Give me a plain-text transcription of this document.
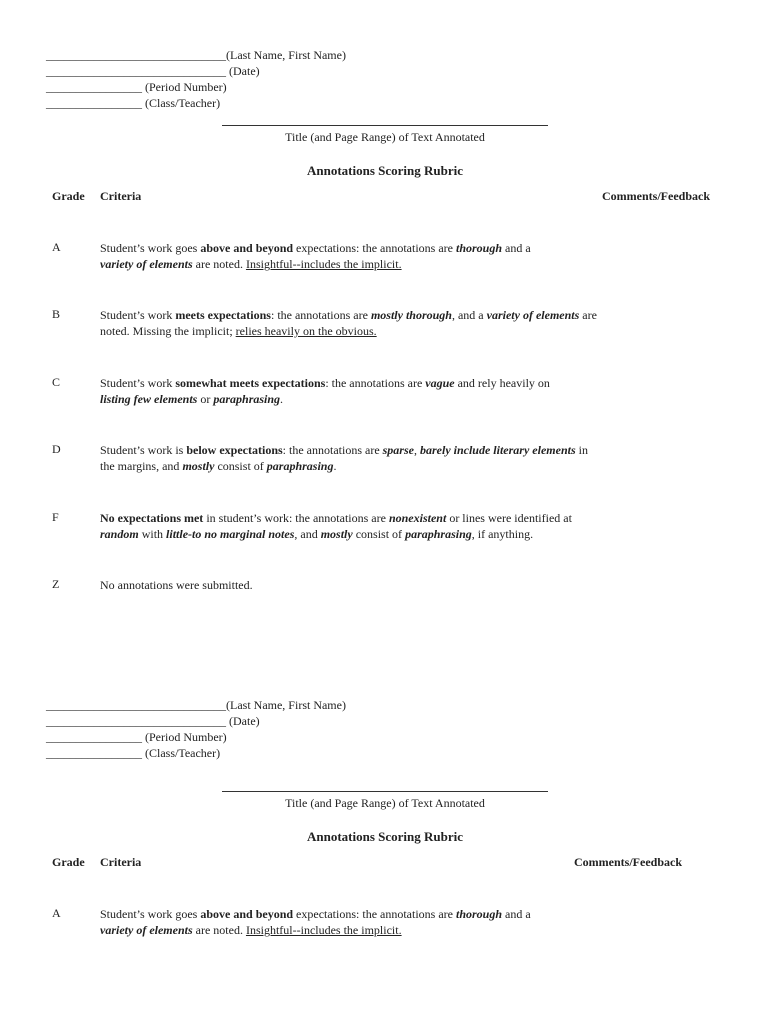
______________________________(Last Name, First Name)
______________________________ (Date)
________________ (Period Number)
________________ (Class/Teacher)
Title (and Page Range) of Text Annotated
Annotations Scoring Rubric
Grade Criteria	Comments/Feedback
A	Student’s work goes above and beyond expectations: the annotations are thorough and a
variety of elements are noted. Insightful--includes the implicit.
B	Student’s work meets expectations: the annotations are mostly thorough, and a variety of elements are noted. Missing the implicit; relies heavily on the obvious.
C	Student’s work somewhat meets expectations: the annotations are vague and rely heavily on
listing few elements or paraphrasing.
D	Student’s work is below expectations: the annotations are sparse, barely include literary elements in the margins, and mostly consist of paraphrasing.
F	No expectations met in student’s work: the annotations are nonexistent or lines were identified at random with little-to no marginal notes, and mostly consist of paraphrasing, if anything.
Z	No annotations were submitted.
______________________________(Last Name, First Name)
______________________________ (Date)
________________ (Period Number)
________________ (Class/Teacher)
Title (and Page Range) of Text Annotated
Annotations Scoring Rubric
Grade Criteria	Comments/Feedback
A	Student’s work goes above and beyond expectations: the annotations are thorough and a
variety of elements are noted. Insightful--includes the implicit.
